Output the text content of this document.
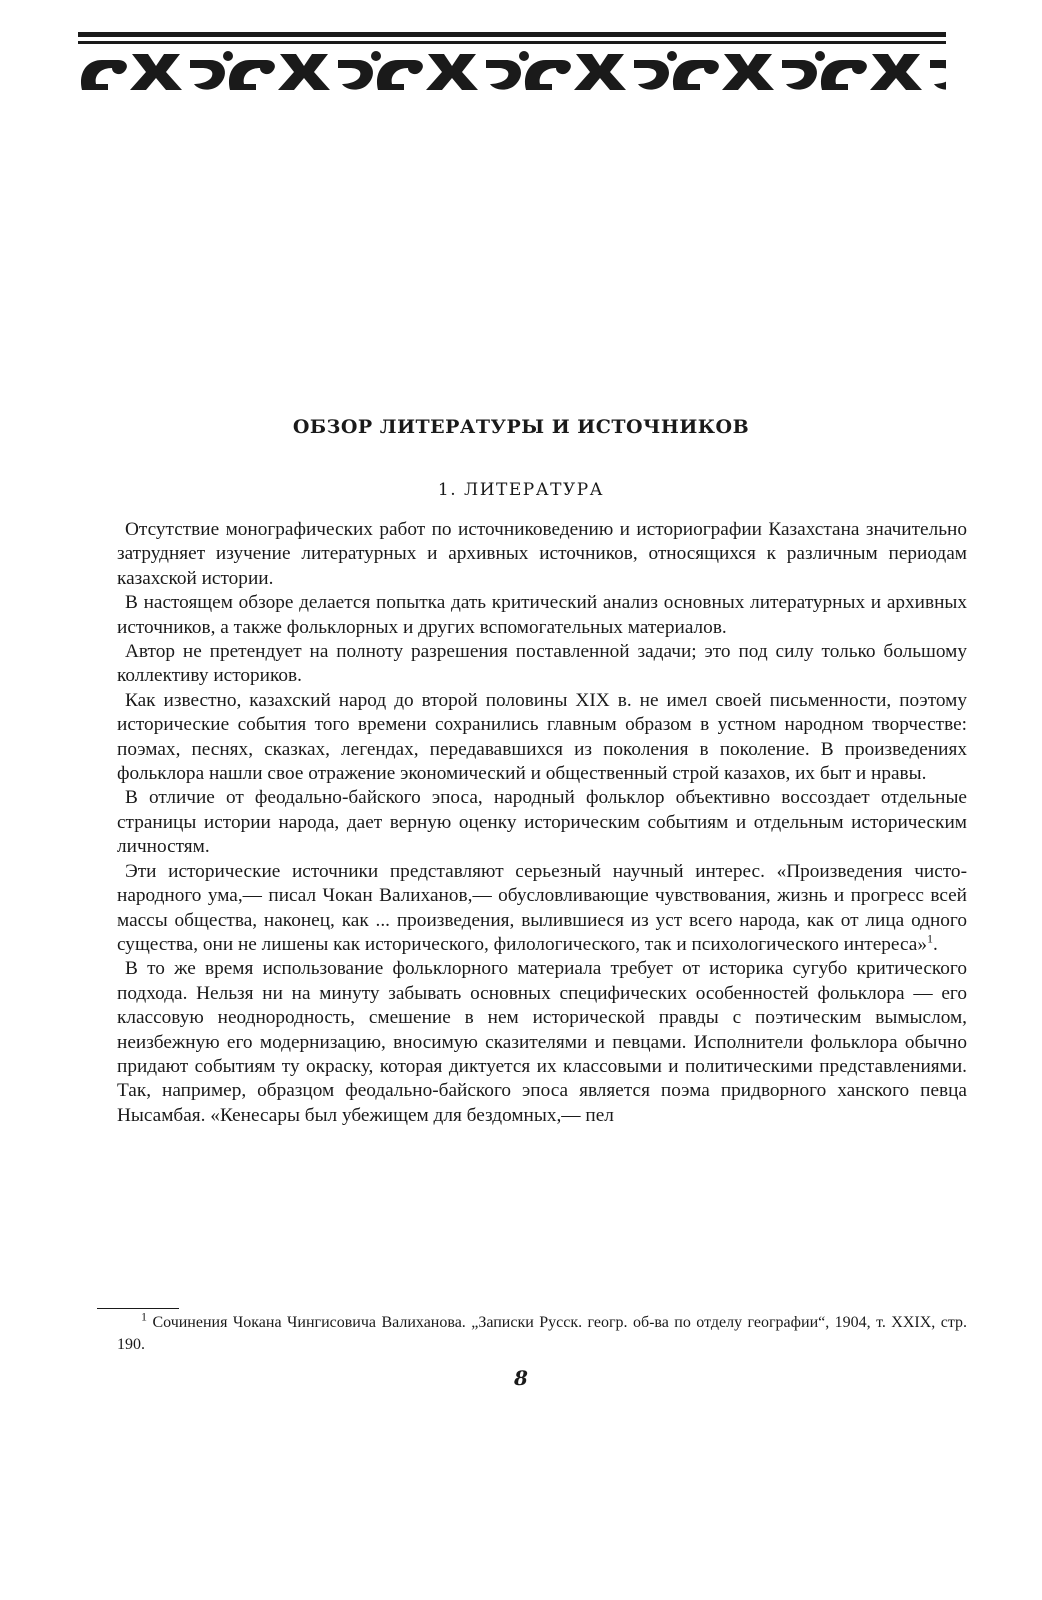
ОБЗОР ЛИТЕРАТУРЫ И ИСТОЧНИКОВ
1. ЛИТЕРАТУРА

Отсутствие монографических работ по источниковедению и историографии Казахстана значительно затрудняет изучение литературных и архивных источников, относящихся к различным периодам казахской истории.

В настоящем обзоре делается попытка дать критический анализ основных литературных и архивных источников, а также фольклорных и других вспомогательных материалов.

Автор не претендует на полноту разрешения поставленной задачи; это под силу только большому коллективу историков.

Как известно, казахский народ до второй половины XIX в. не имел своей письменности, поэтому исторические события того времени сохранились главным образом в устном народном творчестве: поэмах, песнях, сказках, легендах, передававшихся из поколения в поколение. В произведениях фольклора нашли свое отражение экономический и общественный строй казахов, их быт и нравы.

В отличие от феодально-байского эпоса, народный фольклор объективно воссоздает отдельные страницы истории народа, дает верную оценку историческим событиям и отдельным историческим личностям.

Эти исторические источники представляют серьезный научный интерес. «Произведения чисто-народного ума,— писал Чокан Валиханов,— обусловливающие чувствования, жизнь и прогресс всей массы общества, наконец, как ... произведения, вылившиеся из уст всего народа, как от лица одного существа, они не лишены как исторического, филологического, так и психологического интереса»$^1$.

В то же время использование фольклорного материала требует от историка сугубо критического подхода. Нельзя ни на минуту забывать основных специфических особенностей фольклора — его классовую неоднородность, смешение в нем исторической правды с поэтическим вымыслом, неизбежную его модернизацию, вносимую сказителями и певцами. Исполнители фольклора обычно придают событиям ту окраску, которая диктуется их классовыми и политическими представлениями. Так, например, образцом феодально-байского эпоса является поэма придворного ханского певца Нысамбая. «Кенесары был убежищем для бездомных,— пел

$^1$ Сочинения Чокана Чингисовича Валиханова. „Записки Русск. геогр. об-ва по отделу географии“, 1904, т. XXIX, стр. 190.

8
